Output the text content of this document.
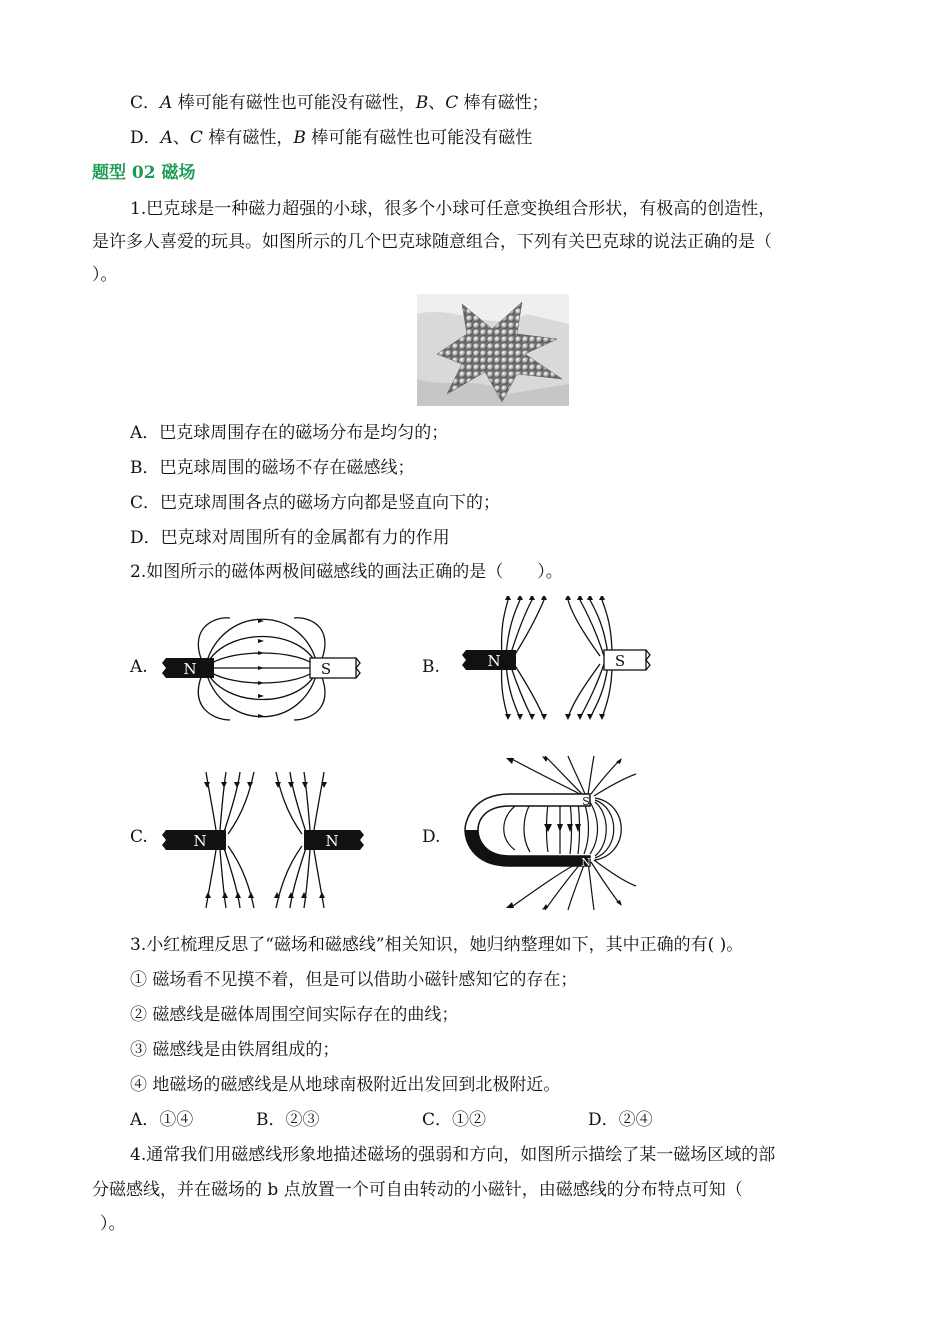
C．A 棒可能有磁性也可能没有磁性，B、C 棒有磁性；
D．A、C 棒有磁性，B 棒可能有磁性也可能没有磁性
题型 02 磁场
1.巴克球是一种磁力超强的小球，很多个小球可任意变换组合形状，有极高的创造性，
是许多人喜爱的玩具。如图所示的几个巴克球随意组合，下列有关巴克球的说法正确的是（
）。
A．巴克球周围存在的磁场分布是均匀的；
B．巴克球周围的磁场不存在磁感线；
C．巴克球周围各点的磁场方向都是竖直向下的；
D．巴克球对周围所有的金属都有力的作用
2.如图所示的磁体两极间磁感线的画法正确的是（　　）。
A. N	S	B.	N	S
C.	N	N	D.
S
N
3.小红梳理反思了“磁场和磁感线”相关知识，她归纳整理如下，其中正确的有( )。
① 磁场看不见摸不着，但是可以借助小磁针感知它的存在；
② 磁感线是磁体周围空间实际存在的曲线；
③ 磁感线是由铁屑组成的；
④ 地磁场的磁感线是从地球南极附近出发回到北极附近。
A．①④	B．②③	C．①②	D．②④
4.通常我们用磁感线形象地描述磁场的强弱和方向，如图所示描绘了某一磁场区域的部
分磁感线，并在磁场的 b 点放置一个可自由转动的小磁针，由磁感线的分布特点可知（
）。
